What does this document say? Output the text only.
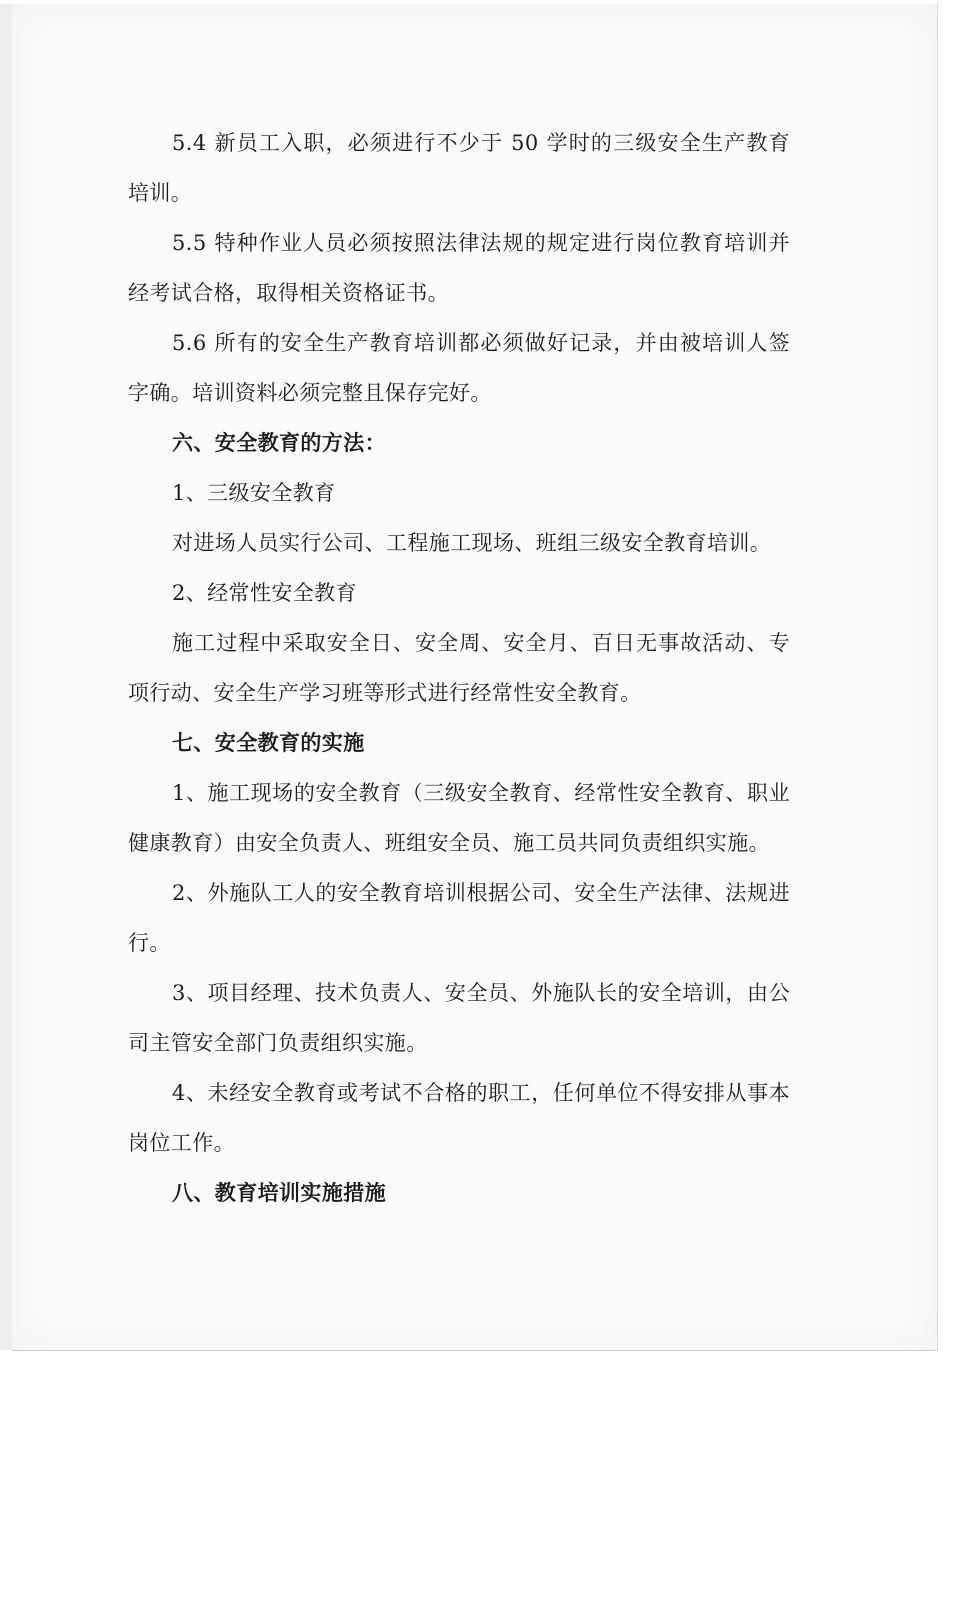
5.4 新员工入职，必须进行不少于 50 学时的三级安全生产教育培训。

5.5 特种作业人员必须按照法律法规的规定进行岗位教育培训并经考试合格，取得相关资格证书。

5.6 所有的安全生产教育培训都必须做好记录，并由被培训人签字确。培训资料必须完整且保存完好。

六、安全教育的方法：

1、三级安全教育

对进场人员实行公司、工程施工现场、班组三级安全教育培训。

2、经常性安全教育

施工过程中采取安全日、安全周、安全月、百日无事故活动、专项行动、安全生产学习班等形式进行经常性安全教育。

七、安全教育的实施

1、施工现场的安全教育（三级安全教育、经常性安全教育、职业健康教育）由安全负责人、班组安全员、施工员共同负责组织实施。

2、外施队工人的安全教育培训根据公司、安全生产法律、法规进行。

3、项目经理、技术负责人、安全员、外施队长的安全培训，由公司主管安全部门负责组织实施。

4、未经安全教育或考试不合格的职工，任何单位不得安排从事本岗位工作。

八、教育培训实施措施
